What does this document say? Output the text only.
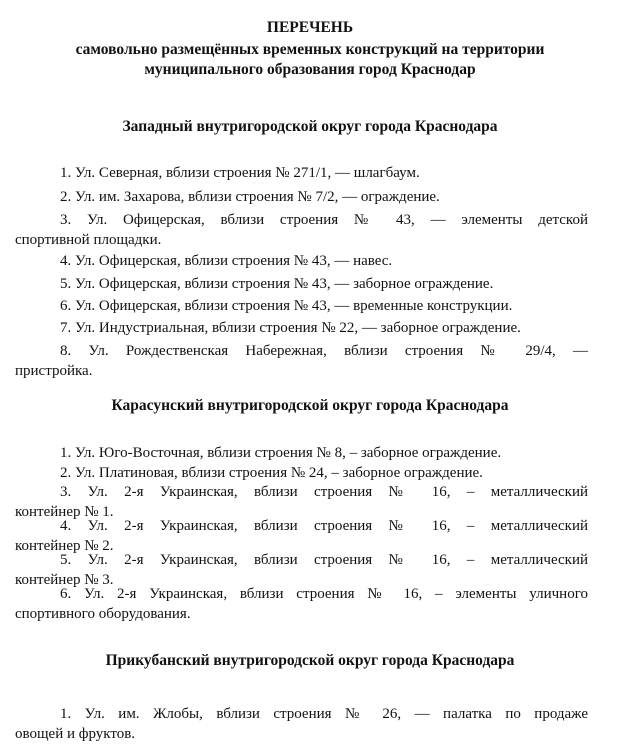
ПЕРЕЧЕНЬ
самовольно размещённых временных конструкций на территории
муниципального образования город Краснодар
Западный внутригородской округ города Краснодара
1. Ул. Северная, вблизи строения № 271/1, — шлагбаум.
2. Ул. им. Захарова, вблизи строения № 7/2, — ограждение.
3. Ул. Офицерская, вблизи строения № 43, — элементы детской
спортивной площадки.
4. Ул. Офицерская, вблизи строения № 43, — навес.
5. Ул. Офицерская, вблизи строения № 43, — заборное ограждение.
6. Ул. Офицерская, вблизи строения № 43, — временные конструкции.
7. Ул. Индустриальная, вблизи строения № 22, — заборное ограждение.
8. Ул. Рождественская Набережная, вблизи строения № 29/4, —
пристройка.
Карасунский внутригородской округ города Краснодара
1. Ул. Юго-Восточная, вблизи строения № 8, – заборное ограждение.
2. Ул. Платиновая, вблизи строения № 24, – заборное ограждение.
3. Ул. 2-я Украинская, вблизи строения № 16, – металлический
контейнер № 1.
4. Ул. 2-я Украинская, вблизи строения № 16, – металлический
контейнер № 2.
5. Ул. 2-я Украинская, вблизи строения № 16, – металлический
контейнер № 3.
6. Ул. 2-я Украинская, вблизи строения № 16, – элементы уличного
спортивного оборудования.
Прикубанский внутригородской округ города Краснодара
1. Ул. им. Жлобы, вблизи строения № 26, — палатка по продаже
овощей и фруктов.
